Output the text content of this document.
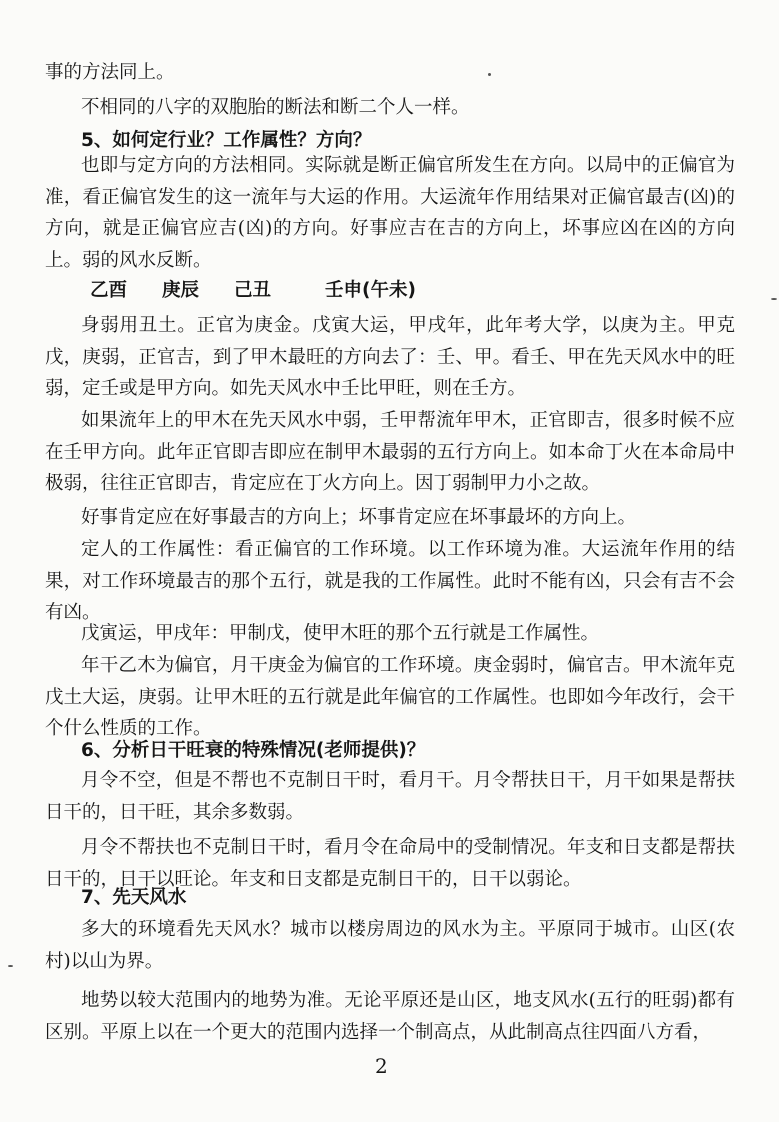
事的方法同上。

不相同的八字的双胞胎的断法和断二个人一样。

5、如何定行业？工作属性？方向？

也即与定方向的方法相同。实际就是断正偏官所发生在方向。以局中的正偏官为准，看正偏官发生的这一流年与大运的作用。大运流年作用结果对正偏官最吉(凶)的方向，就是正偏官应吉(凶)的方向。好事应吉在吉的方向上，坏事应凶在凶的方向上。弱的风水反断。

乙酉 庚辰 己丑	壬申(午未)

身弱用丑土。正官为庚金。戊寅大运，甲戌年，此年考大学，以庚为主。甲克戊，庚弱，正官吉，到了甲木最旺的方向去了：壬、甲。看壬、甲在先天风水中的旺弱，定壬或是甲方向。如先天风水中壬比甲旺，则在壬方。

如果流年上的甲木在先天风水中弱，壬甲帮流年甲木，正官即吉，很多时候不应在壬甲方向。此年正官即吉即应在制甲木最弱的五行方向上。如本命丁火在本命局中极弱，往往正官即吉，肯定应在丁火方向上。因丁弱制甲力小之故。

好事肯定应在好事最吉的方向上；坏事肯定应在坏事最坏的方向上。

定人的工作属性：看正偏官的工作环境。以工作环境为准。大运流年作用的结果，对工作环境最吉的那个五行，就是我的工作属性。此时不能有凶，只会有吉不会有凶。

戊寅运，甲戌年：甲制戊，使甲木旺的那个五行就是工作属性。

年干乙木为偏官，月干庚金为偏官的工作环境。庚金弱时，偏官吉。甲木流年克戊土大运，庚弱。让甲木旺的五行就是此年偏官的工作属性。也即如今年改行，会干个什么性质的工作。

6、分析日干旺衰的特殊情况(老师提供)？

月令不空，但是不帮也不克制日干时，看月干。月令帮扶日干，月干如果是帮扶日干的，日干旺，其余多数弱。

月令不帮扶也不克制日干时，看月令在命局中的受制情况。年支和日支都是帮扶日干的，日干以旺论。年支和日支都是克制日干的，日干以弱论。

7、先天风水

多大的环境看先天风水？城市以楼房周边的风水为主。平原同于城市。山区(农村)以山为界。

地势以较大范围内的地势为准。无论平原还是山区，地支风水(五行的旺弱)都有区别。平原上以在一个更大的范围内选择一个制高点，从此制高点往四面八方看，

2
